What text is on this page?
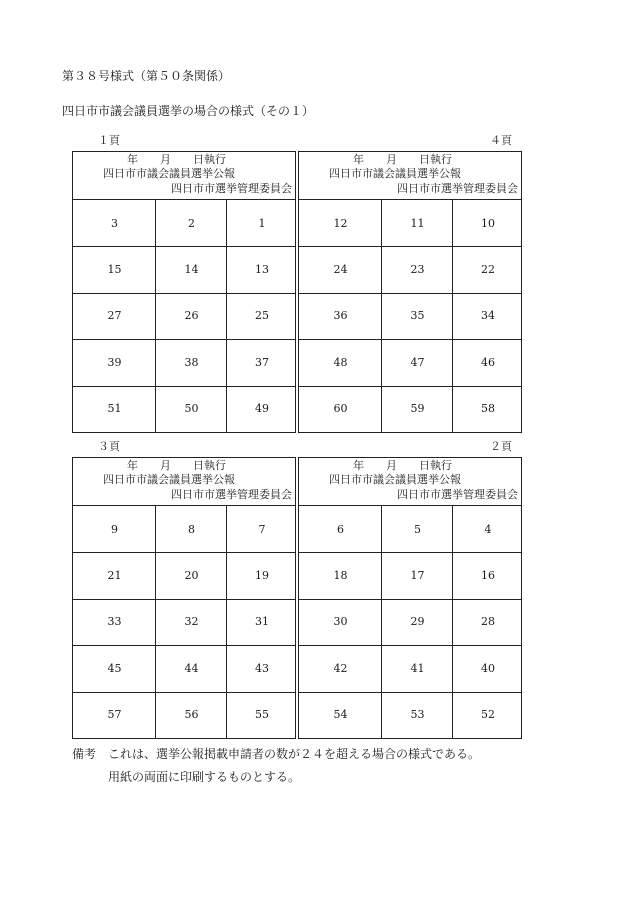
第３８号様式（第５０条関係）
四日市市議会議員選挙の場合の様式（その１）
１頁	４頁
年　　月　　日執行
四日市市議会議員選挙公報
四日市市選挙管理委員会
3	2	1
15	14	13
27	26	25
39	38	37
51	50	49
年　　月　　日執行
四日市市議会議員選挙公報
四日市市選挙管理委員会
12	11	10
24	23	22
36	35	34
48	47	46
60	59	58
３頁	２頁
年　　月　　日執行
四日市市議会議員選挙公報
四日市市選挙管理委員会
9	8	7
21	20	19
33	32	31
45	44	43
57	56	55
年　　月　　日執行
四日市市議会議員選挙公報
四日市市選挙管理委員会
6	5	4
18	17	16
30	29	28
42	41	40
54	53	52
備考 これは、選挙公報掲載申請者の数が２４を超える場合の様式である。
用紙の両面に印刷するものとする。
